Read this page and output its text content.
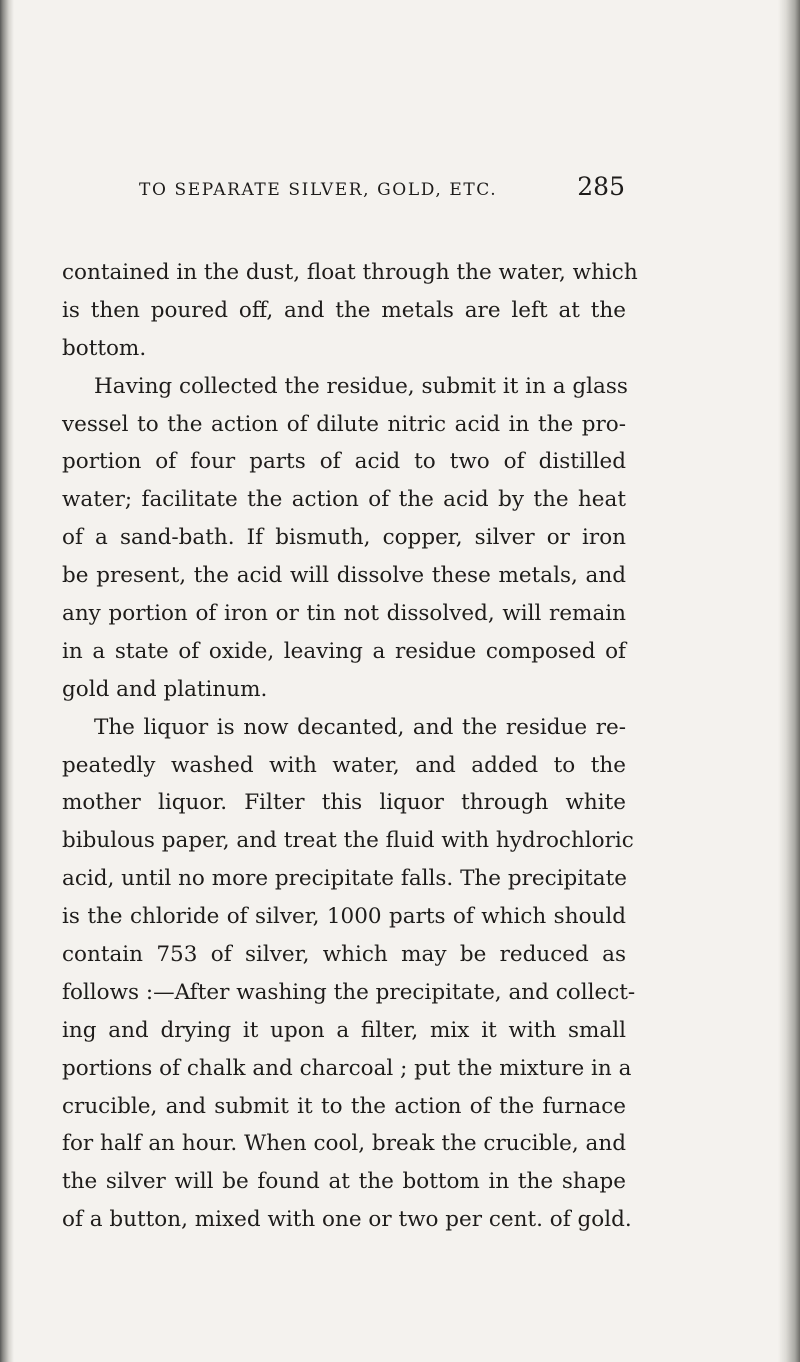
TO SEPARATE SILVER, GOLD, ETC.	285
contained in the dust, float through the water, which
is then poured off, and the metals are left at the
bottom.
Having collected the residue, submit it in a glass
vessel to the action of dilute nitric acid in the pro-
portion of four parts of acid to two of distilled
water; facilitate the action of the acid by the heat
of a sand-bath. If bismuth, copper, silver or iron
be present, the acid will dissolve these metals, and
any portion of iron or tin not dissolved, will remain
in a state of oxide, leaving a residue composed of
gold and platinum.
The liquor is now decanted, and the residue re-
peatedly washed with water, and added to the
mother liquor. Filter this liquor through white
bibulous paper, and treat the fluid with hydrochloric
acid, until no more precipitate falls. The precipitate
is the chloride of silver, 1000 parts of which should
contain 753 of silver, which may be reduced as
follows :—After washing the precipitate, and collect-
ing and drying it upon a filter, mix it with small
portions of chalk and charcoal ; put the mixture in a
crucible, and submit it to the action of the furnace
for half an hour. When cool, break the crucible, and
the silver will be found at the bottom in the shape
of a button, mixed with one or two per cent. of gold.
